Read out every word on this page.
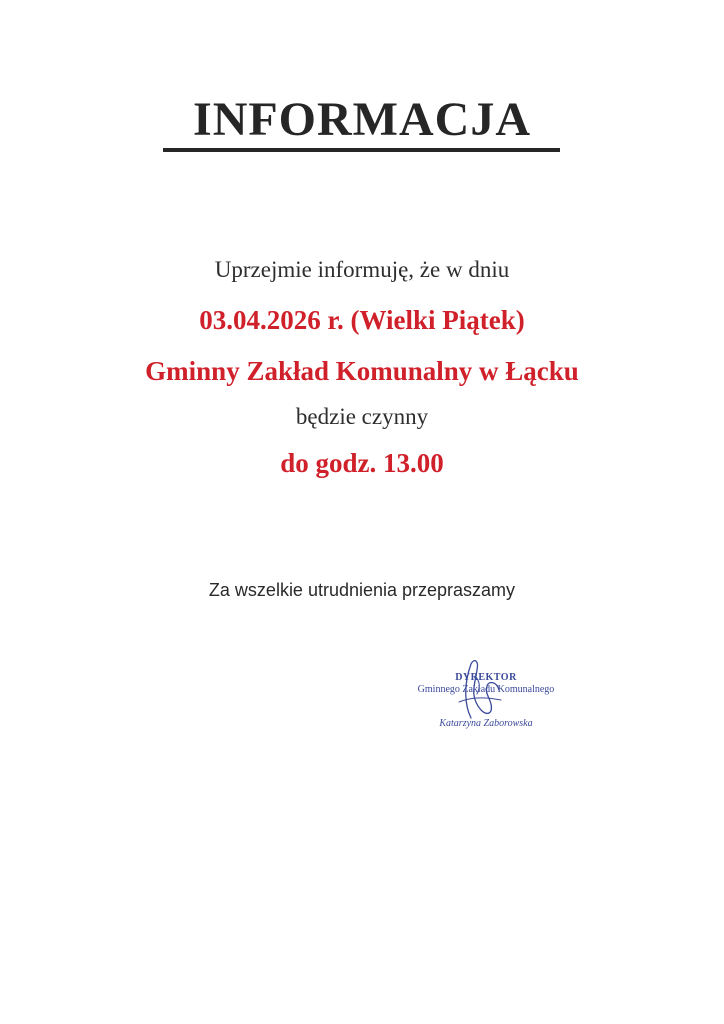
INFORMACJA
Uprzejmie informuję, że w dniu
03.04.2026 r. (Wielki Piątek)
Gminny Zakład Komunalny w Łącku
będzie czynny
do godz. 13.00
Za wszelkie utrudnienia przepraszamy
DYREKTOR
Gminnego Zakładu Komunalnego
Katarzyna Zaborowska
